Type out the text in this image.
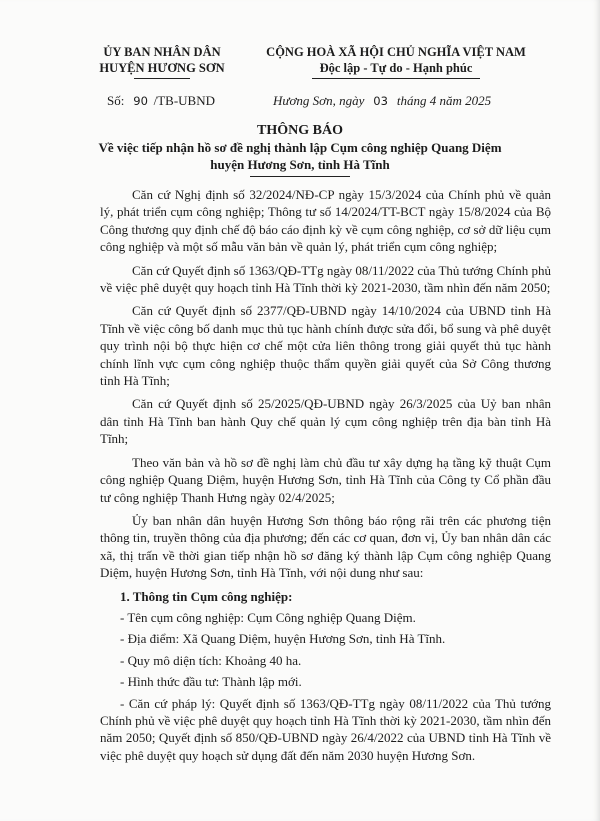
ỦY BAN NHÂN DÂN
HUYỆN HƯƠNG SƠN
CỘNG HOÀ XÃ HỘI CHỦ NGHĨA VIỆT NAM
Độc lập - Tự do - Hạnh phúc
Số: 90 /TB-UBND	Hương Sơn, ngày 03 tháng 4 năm 2025
THÔNG BÁO
Về việc tiếp nhận hồ sơ đề nghị thành lập Cụm công nghiệp Quang Diệm
huyện Hương Sơn, tỉnh Hà Tĩnh

Căn cứ Nghị định số 32/2024/NĐ-CP ngày 15/3/2024 của Chính phủ về quản lý, phát triển cụm công nghiệp; Thông tư số 14/2024/TT-BCT ngày 15/8/2024 của Bộ Công thương quy định chế độ báo cáo định kỳ về cụm công nghiệp, cơ sở dữ liệu cụm công nghiệp và một số mẫu văn bản về quản lý, phát triển cụm công nghiệp;

Căn cứ Quyết định số 1363/QĐ-TTg ngày 08/11/2022 của Thủ tướng Chính phủ về việc phê duyệt quy hoạch tỉnh Hà Tĩnh thời kỳ 2021-2030, tầm nhìn đến năm 2050;

Căn cứ Quyết định số 2377/QĐ-UBND ngày 14/10/2024 của UBND tỉnh Hà Tĩnh về việc công bố danh mục thủ tục hành chính được sửa đổi, bổ sung và phê duyệt quy trình nội bộ thực hiện cơ chế một cửa liên thông trong giải quyết thủ tục hành chính lĩnh vực cụm công nghiệp thuộc thẩm quyền giải quyết của Sở Công thương tỉnh Hà Tĩnh;

Căn cứ Quyết định số 25/2025/QĐ-UBND ngày 26/3/2025 của Uỷ ban nhân dân tỉnh Hà Tĩnh ban hành Quy chế quản lý cụm công nghiệp trên địa bàn tỉnh Hà Tĩnh;

Theo văn bản và hồ sơ đề nghị làm chủ đầu tư xây dựng hạ tầng kỹ thuật Cụm công nghiệp Quang Diệm, huyện Hương Sơn, tỉnh Hà Tĩnh của Công ty Cổ phần đầu tư công nghiệp Thanh Hưng ngày 02/4/2025;

Ủy ban nhân dân huyện Hương Sơn thông báo rộng rãi trên các phương tiện thông tin, truyền thông của địa phương; đến các cơ quan, đơn vị, Ủy ban nhân dân các xã, thị trấn về thời gian tiếp nhận hồ sơ đăng ký thành lập Cụm công nghiệp Quang Diệm, huyện Hương Sơn, tỉnh Hà Tĩnh, với nội dung như sau:

1. Thông tin Cụm công nghiệp:

- Tên cụm công nghiệp: Cụm Công nghiệp Quang Diệm.

- Địa điểm: Xã Quang Diệm, huyện Hương Sơn, tỉnh Hà Tĩnh.

- Quy mô diện tích: Khoảng 40 ha.

- Hình thức đầu tư: Thành lập mới.

- Căn cứ pháp lý: Quyết định số 1363/QĐ-TTg ngày 08/11/2022 của Thủ tướng Chính phủ về việc phê duyệt quy hoạch tỉnh Hà Tĩnh thời kỳ 2021-2030, tầm nhìn đến năm 2050; Quyết định số 850/QĐ-UBND ngày 26/4/2022 của UBND tỉnh Hà Tĩnh về việc phê duyệt quy hoạch sử dụng đất đến năm 2030 huyện Hương Sơn.
